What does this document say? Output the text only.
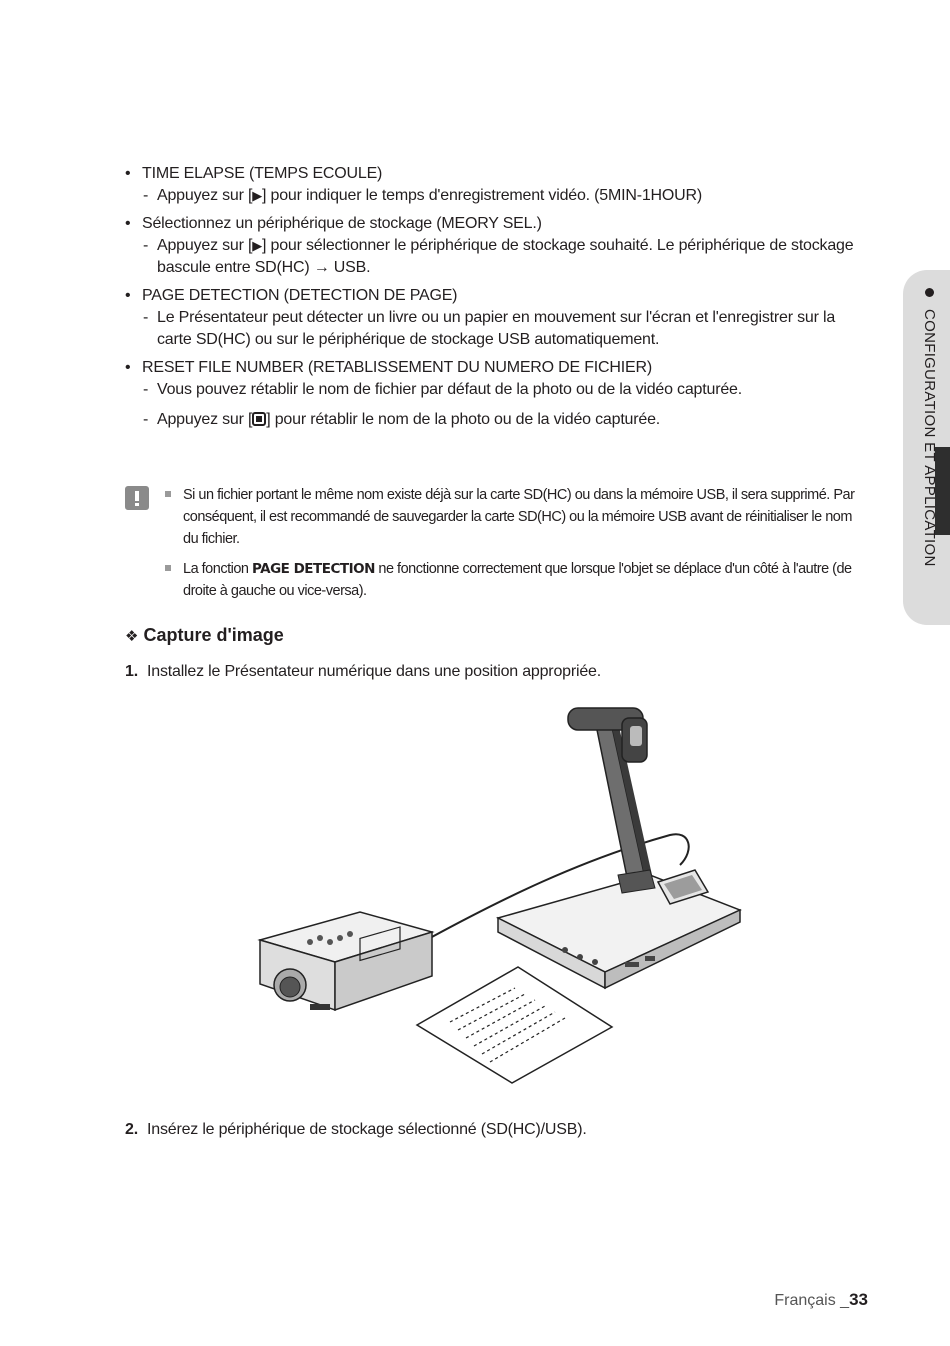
• TIME ELAPSE (TEMPS ECOULE)
- Appuyez sur [▶] pour indiquer le temps d'enregistrement vidéo. (5MIN-1HOUR)
• Sélectionnez un périphérique de stockage (MEORY SEL.)
- Appuyez sur [▶] pour sélectionner le périphérique de stockage souhaité. Le périphérique de stockage bascule entre SD(HC) → USB.
• PAGE DETECTION (DETECTION DE PAGE)
- Le Présentateur peut détecter un livre ou un papier en mouvement sur l'écran et l'enregistrer sur la carte SD(HC) ou sur le périphérique de stockage USB automatiquement.
• RESET FILE NUMBER (RETABLISSEMENT DU NUMERO DE FICHIER)
- Vous pouvez rétablir le nom de fichier par défaut de la photo ou de la vidéo capturée.
- Appuyez sur [ ] pour rétablir le nom de la photo ou de la vidéo capturée.
Si un fichier portant le même nom existe déjà sur la carte SD(HC) ou dans la mémoire USB, il sera supprimé. Par conséquent, il est recommandé de sauvegarder la carte SD(HC) ou la mémoire USB avant de réinitialiser le nom du fichier.
La fonction PAGE DETECTION ne fonctionne correctement que lorsque l'objet se déplace d'un côté à l'autre (de droite à gauche ou vice-versa).
❖ Capture d'image
1. Installez le Présentateur numérique dans une position appropriée.
2. Insérez le périphérique de stockage sélectionné (SD(HC)/USB).
CONFIGURATION ET APPLICATION
Français _33
